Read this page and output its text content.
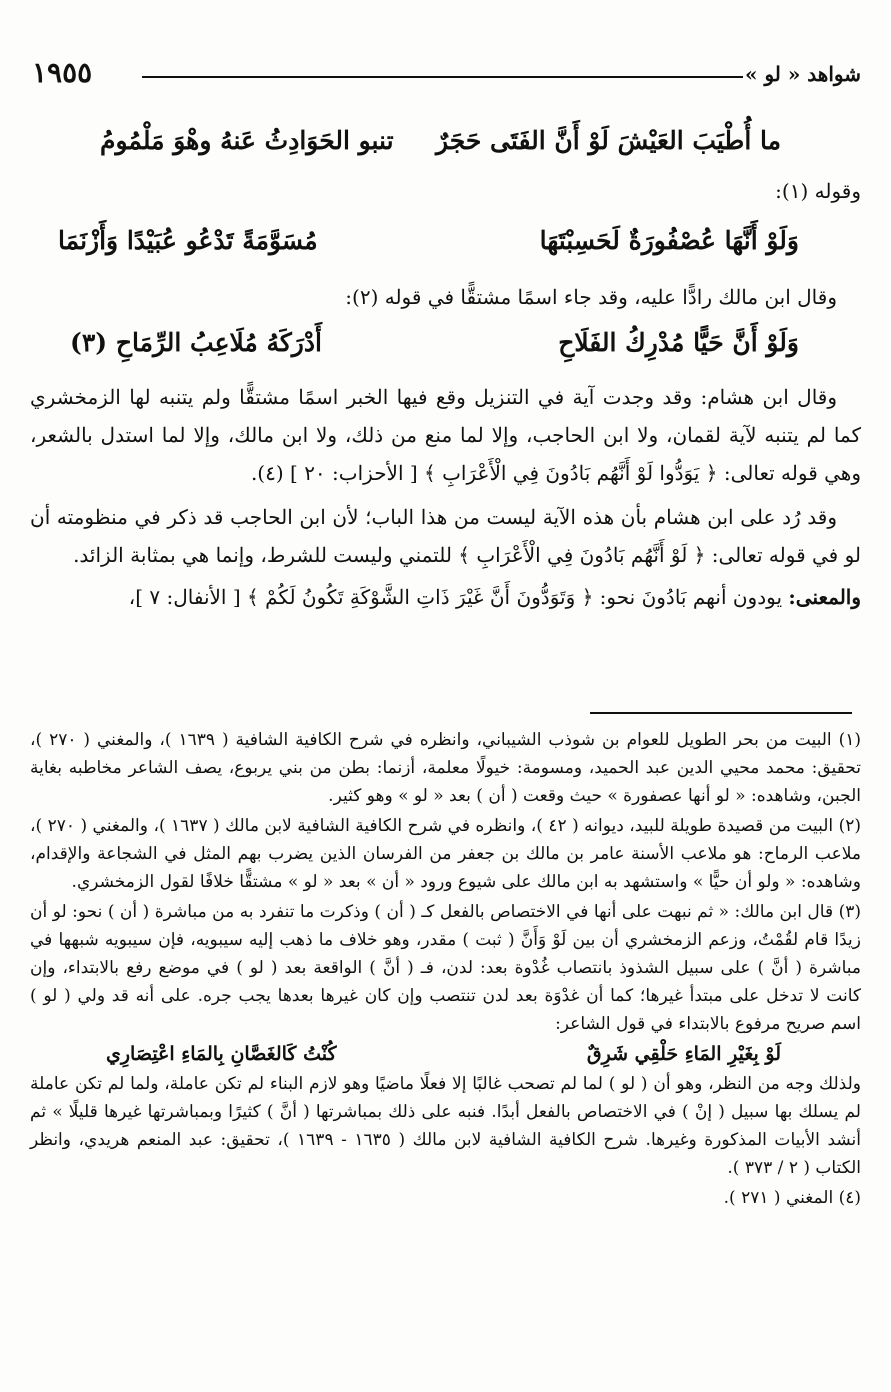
شواهد « لو »
١٩٥٥
ما أُطْيَبَ العَيْشَ لَوْ أَنَّ الفَتَى حَجَرٌ
تنبو الحَوَادِثُ عَنهُ وهْوَ مَلْمُومُ

وقوله (١):

وَلَوْ أَنَّهَا عُصْفُورَةٌ لَحَسِبْتَهَا
مُسَوَّمَةً تَدْعُو عُبَيْدًا وَأَزْنَمَا

وقال ابن مالك رادًّا عليه، وقد جاء اسمًا مشتقًّا في قوله (٢):

وَلَوْ أَنَّ حَيًّا مُدْرِكُ الفَلَاحِ
أَدْرَكَهُ مُلَاعِبُ الرِّمَاحِ (٣)

وقال ابن هشام: وقد وجدت آية في التنزيل وقع فيها الخبر اسمًا مشتقًّا ولم يتنبه لها الزمخشري كما لم يتنبه لآية لقمان، ولا ابن الحاجب، وإلا لما منع من ذلك، ولا ابن مالك، وإلا لما استدل بالشعر، وهي قوله تعالى: ﴿ يَوَدُّوا لَوْ أَنَّهُم بَادُونَ فِي الْأَعْرَابِ ﴾ [ الأحزاب: ٢٠ ] (٤).

وقد رُد على ابن هشام بأن هذه الآية ليست من هذا الباب؛ لأن ابن الحاجب قد ذكر في منظومته أن لو في قوله تعالى: ﴿ لَوْ أَنَّهُم بَادُونَ فِي الْأَعْرَابِ ﴾ للتمني وليست للشرط، وإنما هي بمثابة الزائد.

والمعنى: يودون أنهم بَادُونَ نحو: ﴿ وَتَوَدُّونَ أَنَّ غَيْرَ ذَاتِ الشَّوْكَةِ تَكُونُ لَكُمْ ﴾ [ الأنفال: ٧ ]،

(١) البيت من بحر الطويل للعوام بن شوذب الشيباني، وانظره في شرح الكافية الشافية ( ١٦٣٩ )، والمغني ( ٢٧٠ )، تحقيق: محمد محيي الدين عبد الحميد، ومسومة: خيولًا معلمة، أزنما: بطن من بني يربوع، يصف الشاعر مخاطبه بغاية الجبن، وشاهده: « لو أنها عصفورة » حيث وقعت ( أن ) بعد « لو » وهو كثير.

(٢) البيت من قصيدة طويلة للبيد، ديوانه ( ٤٢ )، وانظره في شرح الكافية الشافية لابن مالك ( ١٦٣٧ )، والمغني ( ٢٧٠ )، ملاعب الرماح: هو ملاعب الأسنة عامر بن مالك بن جعفر من الفرسان الذين يضرب بهم المثل في الشجاعة والإقدام، وشاهده: « ولو أن حيًّا » واستشهد به ابن مالك على شيوع ورود « أن » بعد « لو » مشتقًّا خلافًا لقول الزمخشري.

(٣) قال ابن مالك: « ثم نبهت على أنها في الاختصاص بالفعل كـ ( أن ) وذكرت ما تنفرد به من مباشرة ( أن ) نحو: لو أن زيدًا قام لقُمْتُ، وزعم الزمخشري أن بين لَوْ وَأَنَّ ( ثبت ) مقدر، وهو خلاف ما ذهب إليه سيبويه، فإن سيبويه شبهها في مباشرة ( أنَّ ) على سبيل الشذوذ بانتصاب غُدْوة بعد: لدن، فـ ( أنَّ ) الواقعة بعد ( لو ) في موضع رفع بالابتداء، وإن كانت لا تدخل على مبتدأ غيرها؛ كما أن غدْوَة بعد لدن تنتصب وإن كان غيرها بعدها يجب جره. على أنه قد ولي ( لو ) اسم صريح مرفوع بالابتداء في قول الشاعر:

لَوْ بِغَيْرِ المَاءِ حَلْقِي شَرِقٌ
كُنْتُ كَالغَصَّانِ بِالمَاءِ اعْتِصَارِي

ولذلك وجه من النظر، وهو أن ( لو ) لما لم تصحب غالبًا إلا فعلًا ماضيًا وهو لازم البناء لم تكن عاملة، ولما لم تكن عاملة لم يسلك بها سبيل ( إنْ ) في الاختصاص بالفعل أبدًا. فنبه على ذلك بمباشرتها ( أنَّ ) كثيرًا وبمباشرتها غيرها قليلًا » ثم أنشد الأبيات المذكورة وغيرها. شرح الكافية الشافية لابن مالك ( ١٦٣٥ - ١٦٣٩ )، تحقيق: عبد المنعم هريدي، وانظر الكتاب ( ٢ / ٣٧٣ ).

(٤) المغني ( ٢٧١ ).
